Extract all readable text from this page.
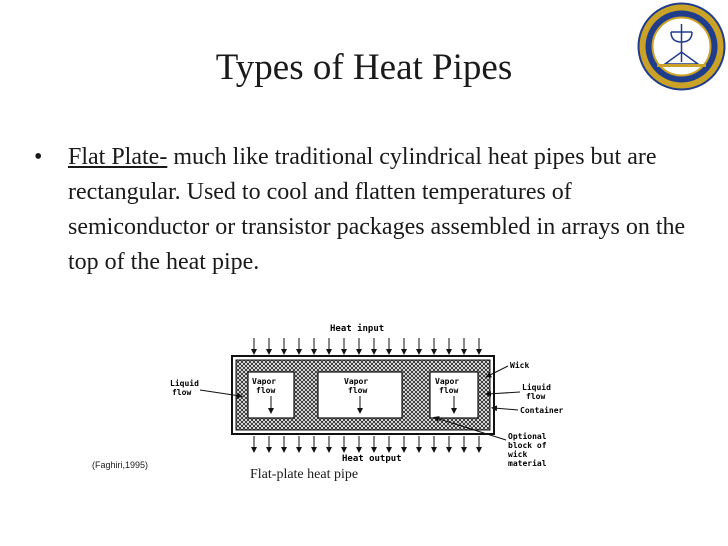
Types of Heat Pipes
• Flat Plate- much like traditional cylindrical heat pipes but are rectangular. Used to cool and flatten temperatures of semiconductor or transistor packages assembled in arrays on the top of the heat pipe.
Heat input
Vapor
flow
Vapor
flow
Vapor
flow
Heat output
Liquid
flow
Wick
Liquid
flow
Container
Optional
block of
wick
material
(Faghiri,1995)
Flat-plate heat pipe
